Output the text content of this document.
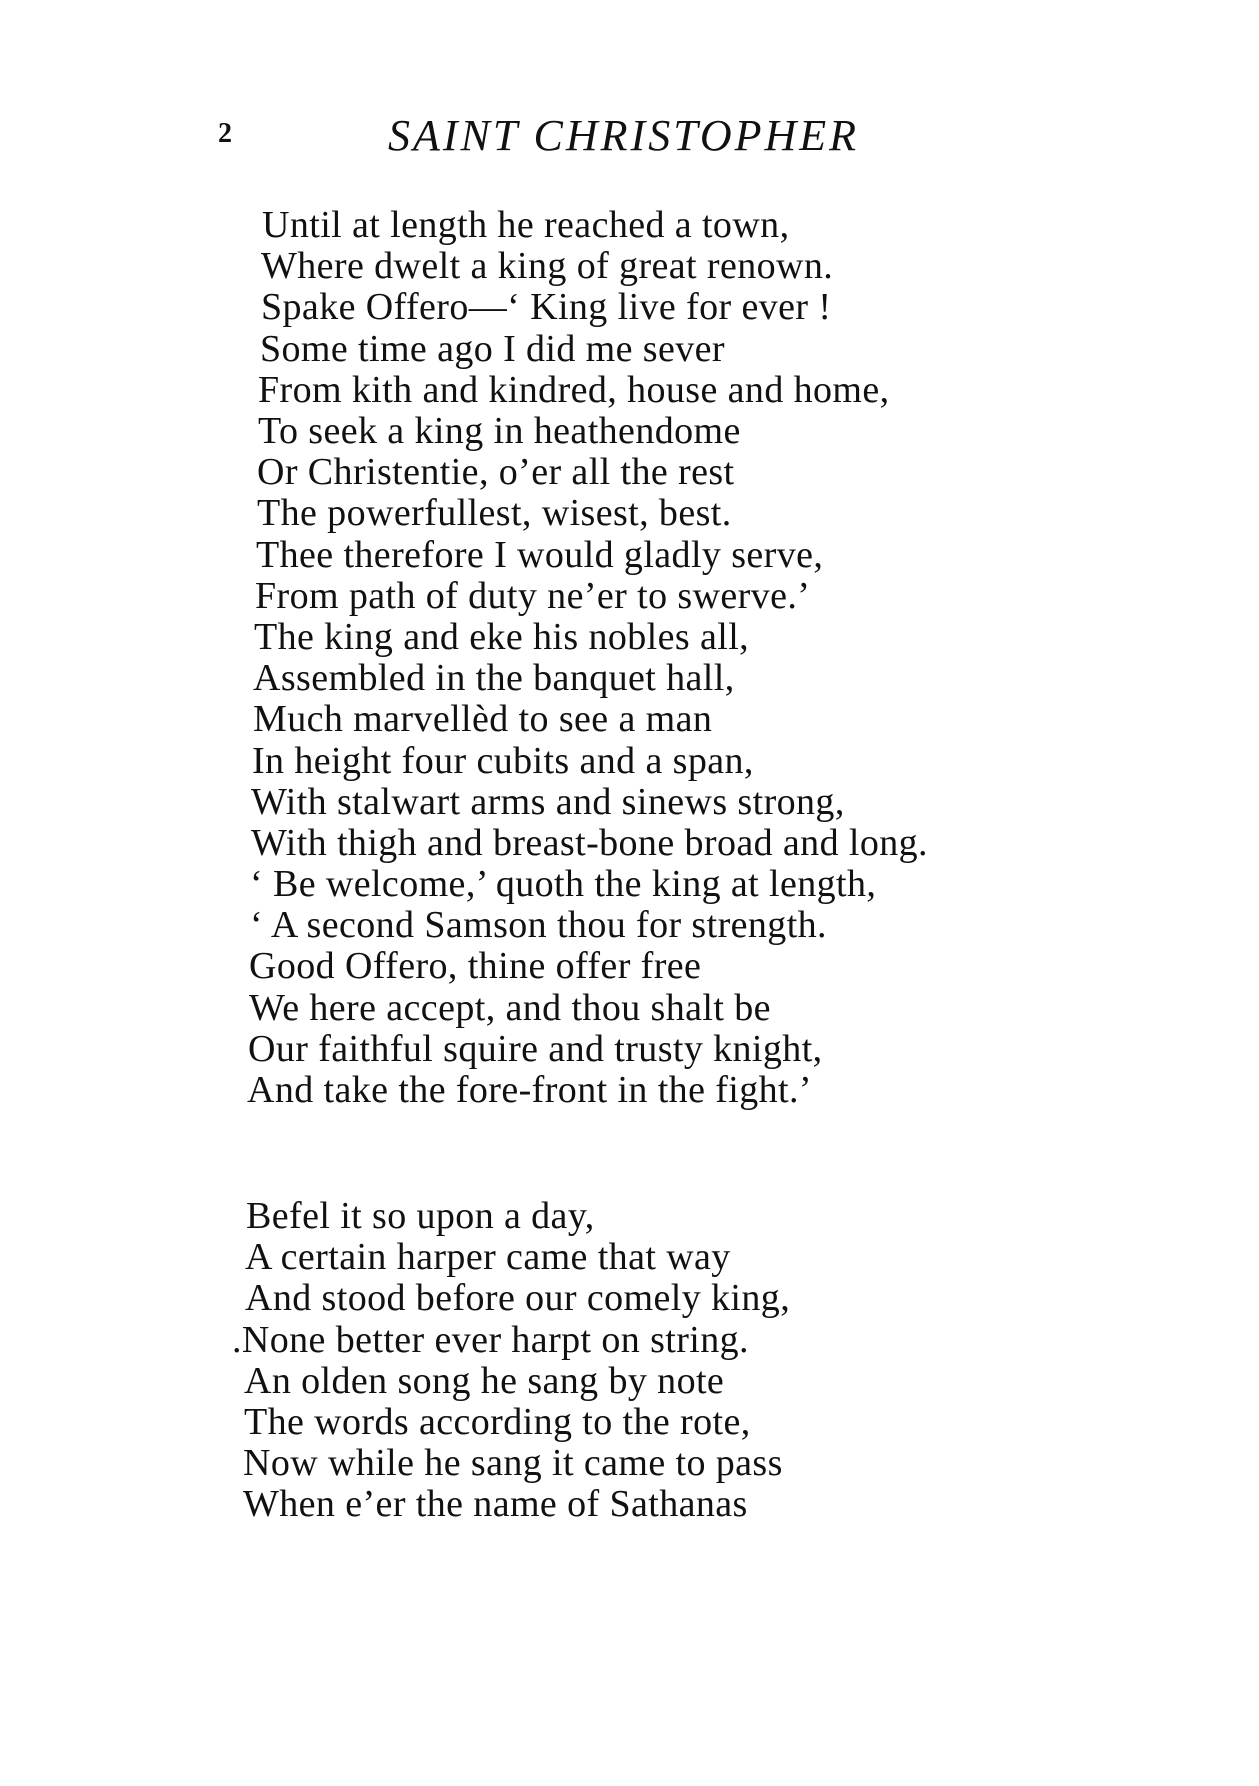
2	SAINT CHRISTOPHER
Until at length he reached a town,
Where dwelt a king of great renown.
Spake Offero—‘ King live for ever !
Some time ago I did me sever
From kith and kindred, house and home,
To seek a king in heathendome
Or Christentie, o’er all the rest
The powerfullest, wisest, best.
Thee therefore I would gladly serve,
From path of duty ne’er to swerve.’
The king and eke his nobles all,
Assembled in the banquet hall,
Much marvellèd to see a man
In height four cubits and a span,
With stalwart arms and sinews strong,
With thigh and breast-bone broad and long.
‘ Be welcome,’ quoth the king at length,
‘ A second Samson thou for strength.
Good Offero, thine offer free
We here accept, and thou shalt be
Our faithful squire and trusty knight,
And take the fore-front in the fight.’
Befel it so upon a day,
A certain harper came that way
And stood before our comely king,
.None better ever harpt on string.
An olden song he sang by note
The words according to the rote,
Now while he sang it came to pass
When e’er the name of Sathanas
